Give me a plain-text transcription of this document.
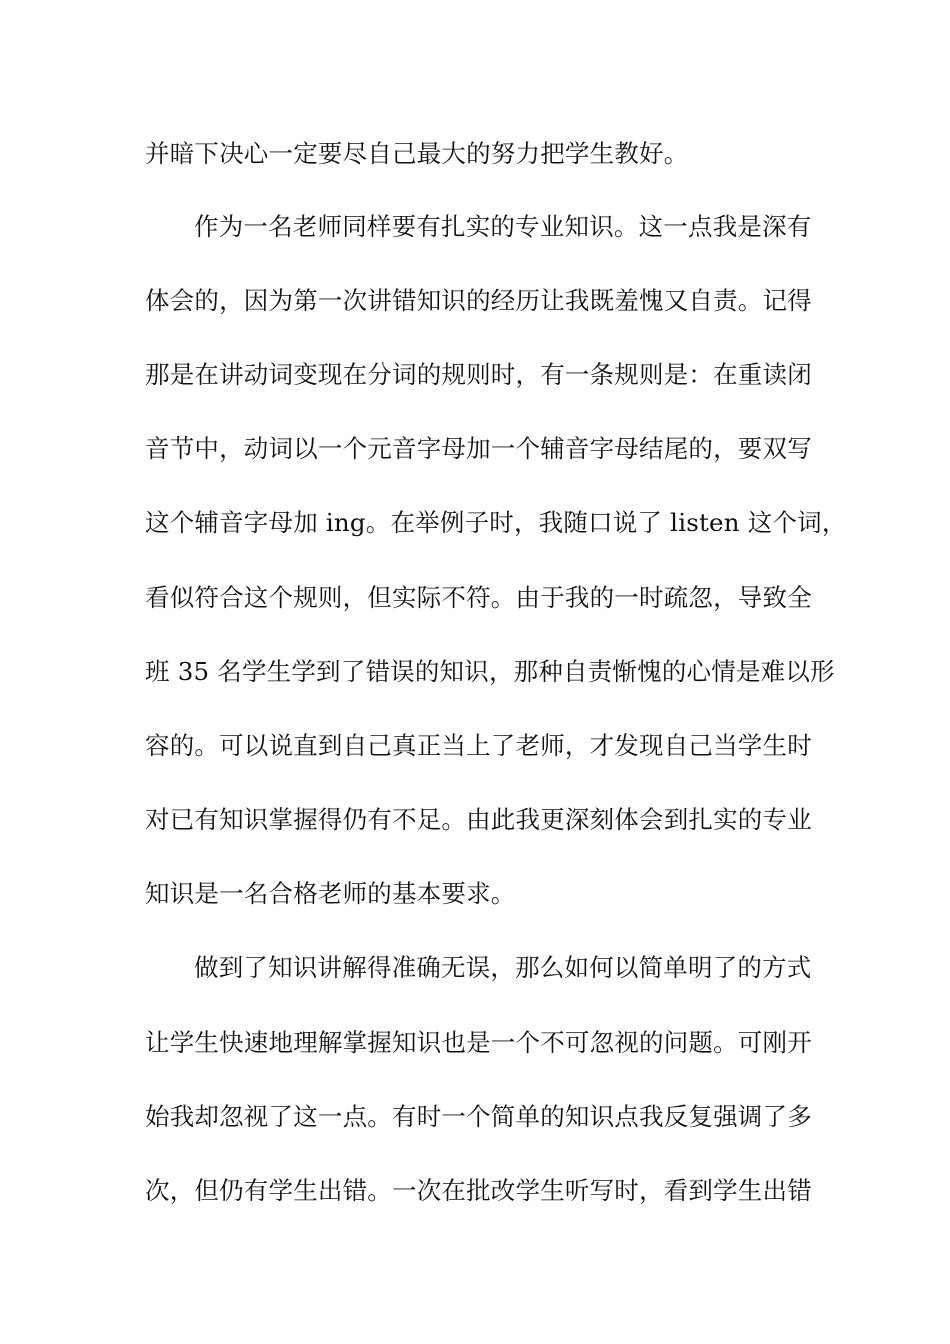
并暗下决心一定要尽自己最大的努力把学生教好。
作为一名老师同样要有扎实的专业知识。这一点我是深有
体会的，因为第一次讲错知识的经历让我既羞愧又自责。记得
那是在讲动词变现在分词的规则时，有一条规则是：在重读闭
音节中，动词以一个元音字母加一个辅音字母结尾的，要双写
这个辅音字母加 ing。在举例子时，我随口说了 listen 这个词，
看似符合这个规则，但实际不符。由于我的一时疏忽，导致全
班 35 名学生学到了错误的知识，那种自责惭愧的心情是难以形
容的。可以说直到自己真正当上了老师，才发现自己当学生时
对已有知识掌握得仍有不足。由此我更深刻体会到扎实的专业
知识是一名合格老师的基本要求。
做到了知识讲解得准确无误，那么如何以简单明了的方式
让学生快速地理解掌握知识也是一个不可忽视的问题。可刚开
始我却忽视了这一点。有时一个简单的知识点我反复强调了多
次，但仍有学生出错。一次在批改学生听写时，看到学生出错
